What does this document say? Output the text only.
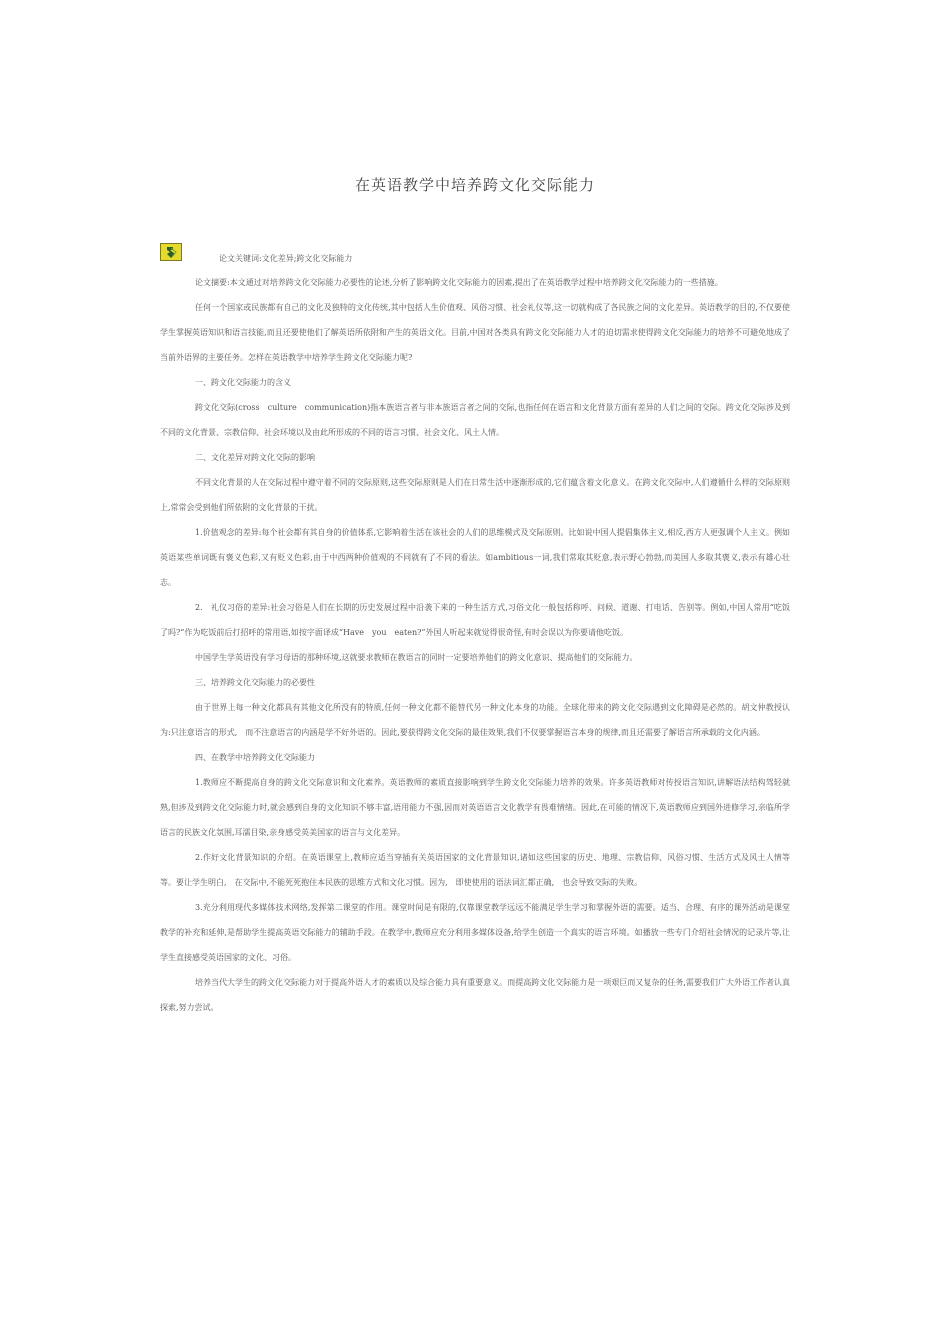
在英语教学中培养跨文化交际能力
论文关键词:文化差异;跨文化交际能力

论文摘要:本文通过对培养跨文化交际能力必要性的论述,分析了影响跨文化交际能力的因素,提出了在英语教学过程中培养跨文化交际能力的一些措施。

任何一个国家或民族都有自己的文化及独特的文化传统,其中包括人生价值观、风俗习惯、社会礼仪等,这一切就构成了各民族之间的文化差异。英语教学的目的,不仅要使学生掌握英语知识和语言技能,而且还要使他们了解英语所依附和产生的英语文化。目前,中国对各类具有跨文化交际能力人才的迫切需求使得跨文化交际能力的培养不可避免地成了当前外语界的主要任务。怎样在英语教学中培养学生跨文化交际能力呢?

一、跨文化交际能力的含义

跨文化交际(cross　culture　communication)指本族语言者与非本族语言者之间的交际,也指任何在语言和文化背景方面有差异的人们之间的交际。跨文化交际涉及到不同的文化背景、宗教信仰、社会环境以及由此所形成的不同的语言习惯、社会文化、风土人情。

二、文化差异对跨文化交际的影响

不同文化背景的人在交际过程中遵守着不同的交际原则,这些交际原则是人们在日常生活中逐渐形成的,它们蕴含着文化意义。在跨文化交际中,人们遵循什么样的交际原则上,常常会受到他们所依附的文化背景的干扰。

1.价值观念的差异:每个社会都有其自身的价值体系,它影响着生活在该社会的人们的思维模式及交际原则。比如说中国人提倡集体主义,相反,西方人更强调个人主义。例如英语某些单词既有褒义色彩,又有贬义色彩,由于中西两种价值观的不同就有了不同的看法。如ambitious一词,我们常取其贬意,表示野心勃勃,而美国人多取其褒义,表示有雄心壮志。

2.　礼仪习俗的差异:社会习俗是人们在长期的历史发展过程中沿袭下来的一种生活方式,习俗文化一般包括称呼、问候、道谢、打电话、告别等。例如,中国人常用“吃饭了吗?”作为吃饭前后打招呼的常用语,如按字面译成“Have　you　eaten?”外国人听起来就觉得很奇怪,有时会误以为你要请他吃饭。

中国学生学英语没有学习母语的那种环境,这就要求教师在教语言的同时一定要培养他们的跨文化意识、提高他们的交际能力。

三、培养跨文化交际能力的必要性

由于世界上每一种文化都具有其他文化所没有的特质,任何一种文化都不能替代另一种文化本身的功能。全球化带来的跨文化交际遇到文化障碍是必然的。胡文仲教授认为:只注意语言的形式,　而不注意语言的内涵是学不好外语的。因此,要获得跨文化交际的最佳效果,我们不仅要掌握语言本身的规律,而且还需要了解语言所承载的文化内涵。

四、在教学中培养跨文化交际能力

1.教师应不断提高自身的跨文化交际意识和文化素养。英语教师的素质直接影响到学生跨文化交际能力培养的效果。许多英语教师对传授语言知识,讲解语法结构驾轻就熟,但涉及到跨文化交际能力时,就会感到自身的文化知识不够丰富,语用能力不强,因而对英语语言文化教学有畏难情绪。因此,在可能的情况下,英语教师应到国外进修学习,亲临所学语言的民族文化氛围,耳濡目染,亲身感受英美国家的语言与文化差异。

2.作好文化背景知识的介绍。在英语课堂上,教师应适当穿插有关英语国家的文化背景知识,诸如这些国家的历史、地理、宗教信仰、风俗习惯、生活方式及风土人情等等。要让学生明白,　在交际中,不能死死抱住本民族的思维方式和文化习惯。因为,　即使使用的语法词汇都正确,　也会导致交际的失败。

3.充分利用现代多媒体技术网络,发挥第二课堂的作用。课堂时间是有限的,仅靠课堂教学远远不能满足学生学习和掌握外语的需要。适当、合理、有序的课外活动是课堂教学的补充和延伸,是帮助学生提高英语交际能力的辅助手段。在教学中,教师应充分利用多媒体设备,给学生创造一个真实的语言环境。如播放一些专门介绍社会情况的记录片等,让学生直接感受英语国家的文化、习俗。

培养当代大学生的跨文化交际能力对于提高外语人才的素质以及综合能力具有重要意义。而提高跨文化交际能力是一项艰巨而又复杂的任务,需要我们广大外语工作者认真探索,努力尝试。
